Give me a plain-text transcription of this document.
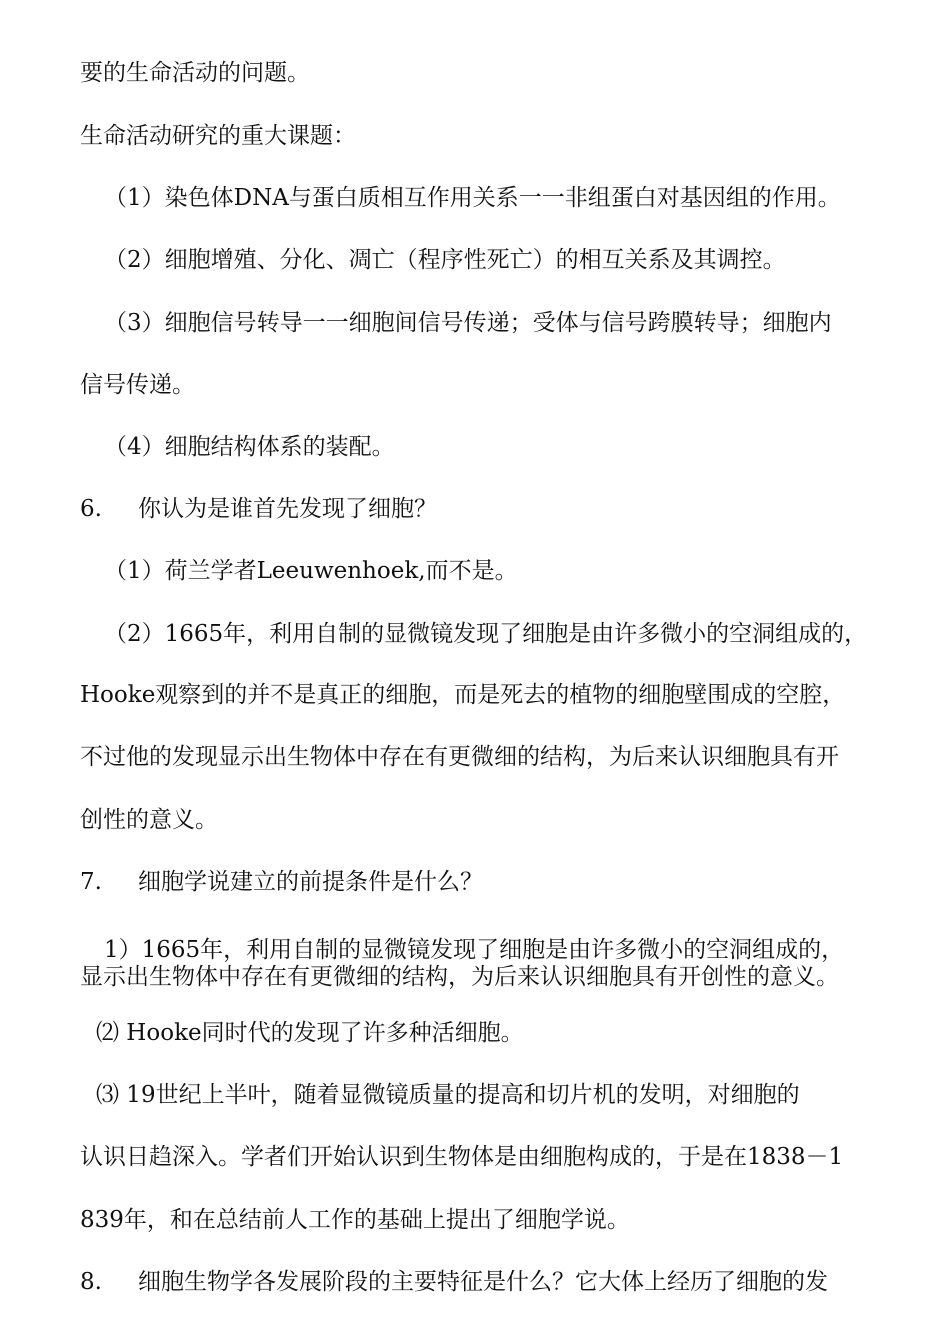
要的生命活动的问题。
生命活动研究的重大课题：
（1）染色体DNA与蛋白质相互作用关系一一非组蛋白对基因组的作用。
（2）细胞增殖、分化、凋亡（程序性死亡）的相互关系及其调控。
（3）细胞信号转导一一细胞间信号传递；受体与信号跨膜转导；细胞内
信号传递。
（4）细胞结构体系的装配。
6. 你认为是谁首先发现了细胞？
（1）荷兰学者Leeuwenhoek,而不是。
（2）1665年，利用自制的显微镜发现了细胞是由许多微小的空洞组成的，
Hooke观察到的并不是真正的细胞，而是死去的植物的细胞壁围成的空腔，
不过他的发现显示出生物体中存在有更微细的结构，为后来认识细胞具有开
创性的意义。
7. 细胞学说建立的前提条件是什么？
1）1665年，利用自制的显微镜发现了细胞是由许多微小的空洞组成的，
显示出生物体中存在有更微细的结构，为后来认识细胞具有开创性的意义。
⑵ Hooke同时代的发现了许多种活细胞。
⑶ 19世纪上半叶，随着显微镜质量的提高和切片机的发明，对细胞的
认识日趋深入。学者们开始认识到生物体是由细胞构成的，于是在1838－1
839年，和在总结前人工作的基础上提出了细胞学说。
8. 细胞生物学各发展阶段的主要特征是什么？它大体上经历了细胞的发
